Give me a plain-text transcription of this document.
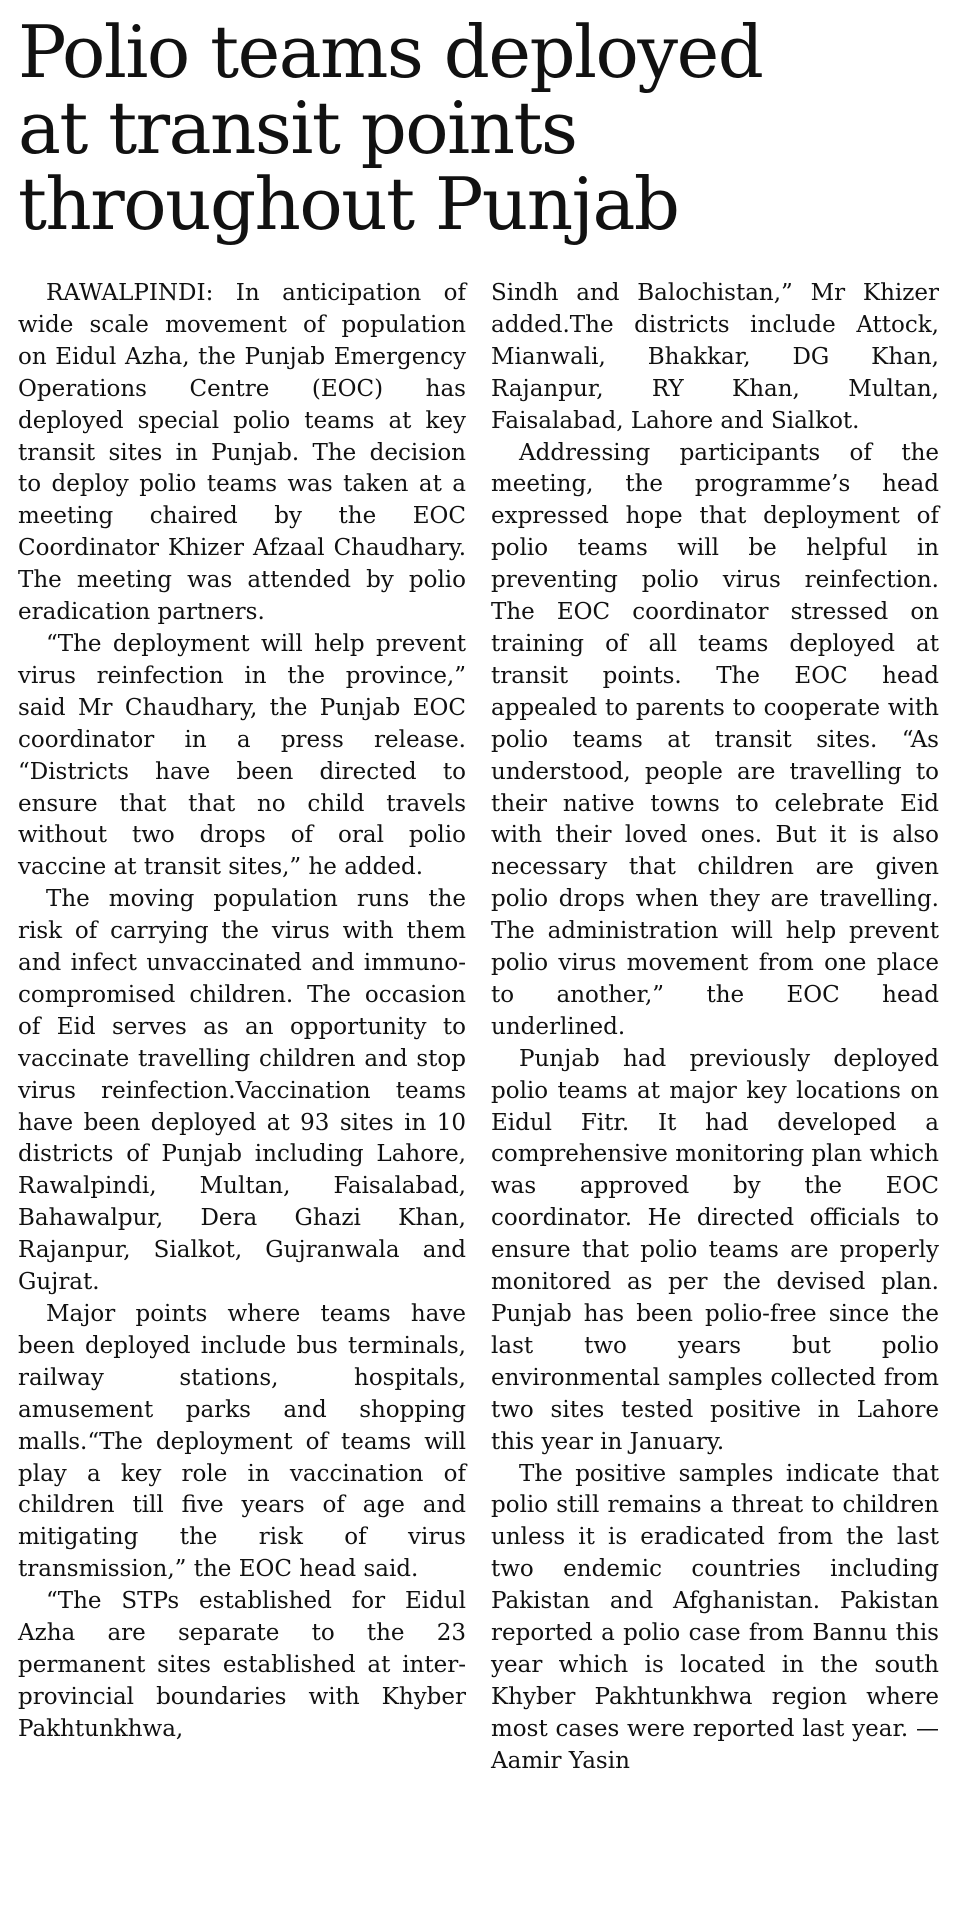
Polio teams deployed
at transit points
throughout Punjab

RAWALPINDI: In anticipation of wide scale movement of population on Eidul Azha, the Punjab Emergency Operations Centre (EOC) has deployed special polio teams at key transit sites in Punjab. The decision to deploy polio teams was taken at a meeting chaired by the EOC Coordinator Khizer Afzaal Chaudhary. The meeting was attended by polio eradication partners.

“The deployment will help prevent virus reinfection in the province,” said Mr Chaudhary, the Punjab EOC coordinator in a press release. “Districts have been directed to ensure that that no child travels without two drops of oral polio vaccine at transit sites,” he added.

The moving population runs the risk of carrying the virus with them and infect unvaccinated and immuno-compromised children. The occasion of Eid serves as an opportunity to vaccinate travelling children and stop virus reinfection.Vaccination teams have been deployed at 93 sites in 10 districts of Punjab including Lahore, Rawalpindi, Multan, Faisalabad, Bahawalpur, Dera Ghazi Khan, Rajanpur, Sialkot, Gujranwala and Gujrat.

Major points where teams have been deployed include bus terminals, railway stations, hospitals, amusement parks and shopping malls.“The deployment of teams will play a key role in vaccination of children till five years of age and mitigating the risk of virus transmission,” the EOC head said.

“The STPs established for Eidul Azha are separate to the 23 permanent sites established at inter-provincial boundaries with Khyber Pakhtunkhwa,

Sindh and Balochistan,” Mr Khizer added.The districts include Attock, Mianwali, Bhakkar, DG Khan, Rajanpur, RY Khan, Multan, Faisalabad, Lahore and Sialkot.

Addressing participants of the meeting, the programme’s head expressed hope that deployment of polio teams will be helpful in preventing polio virus reinfection. The EOC coordinator stressed on training of all teams deployed at transit points. The EOC head appealed to parents to cooperate with polio teams at transit sites. “As understood, people are travelling to their native towns to celebrate Eid with their loved ones. But it is also necessary that children are given polio drops when they are travelling. The administration will help prevent polio virus movement from one place to another,” the EOC head underlined.

Punjab had previously deployed polio teams at major key locations on Eidul Fitr. It had developed a comprehensive monitoring plan which was approved by the EOC coordinator. He directed officials to ensure that polio teams are properly monitored as per the devised plan. Punjab has been polio-free since the last two years but polio environmental samples collected from two sites tested positive in Lahore this year in January.

The positive samples indicate that polio still remains a threat to children unless it is eradicated from the last two endemic countries including Pakistan and Afghanistan. Pakistan reported a polio case from Bannu this year which is located in the south Khyber Pakhtunkhwa region where most cases were reported last year. — Aamir Yasin
